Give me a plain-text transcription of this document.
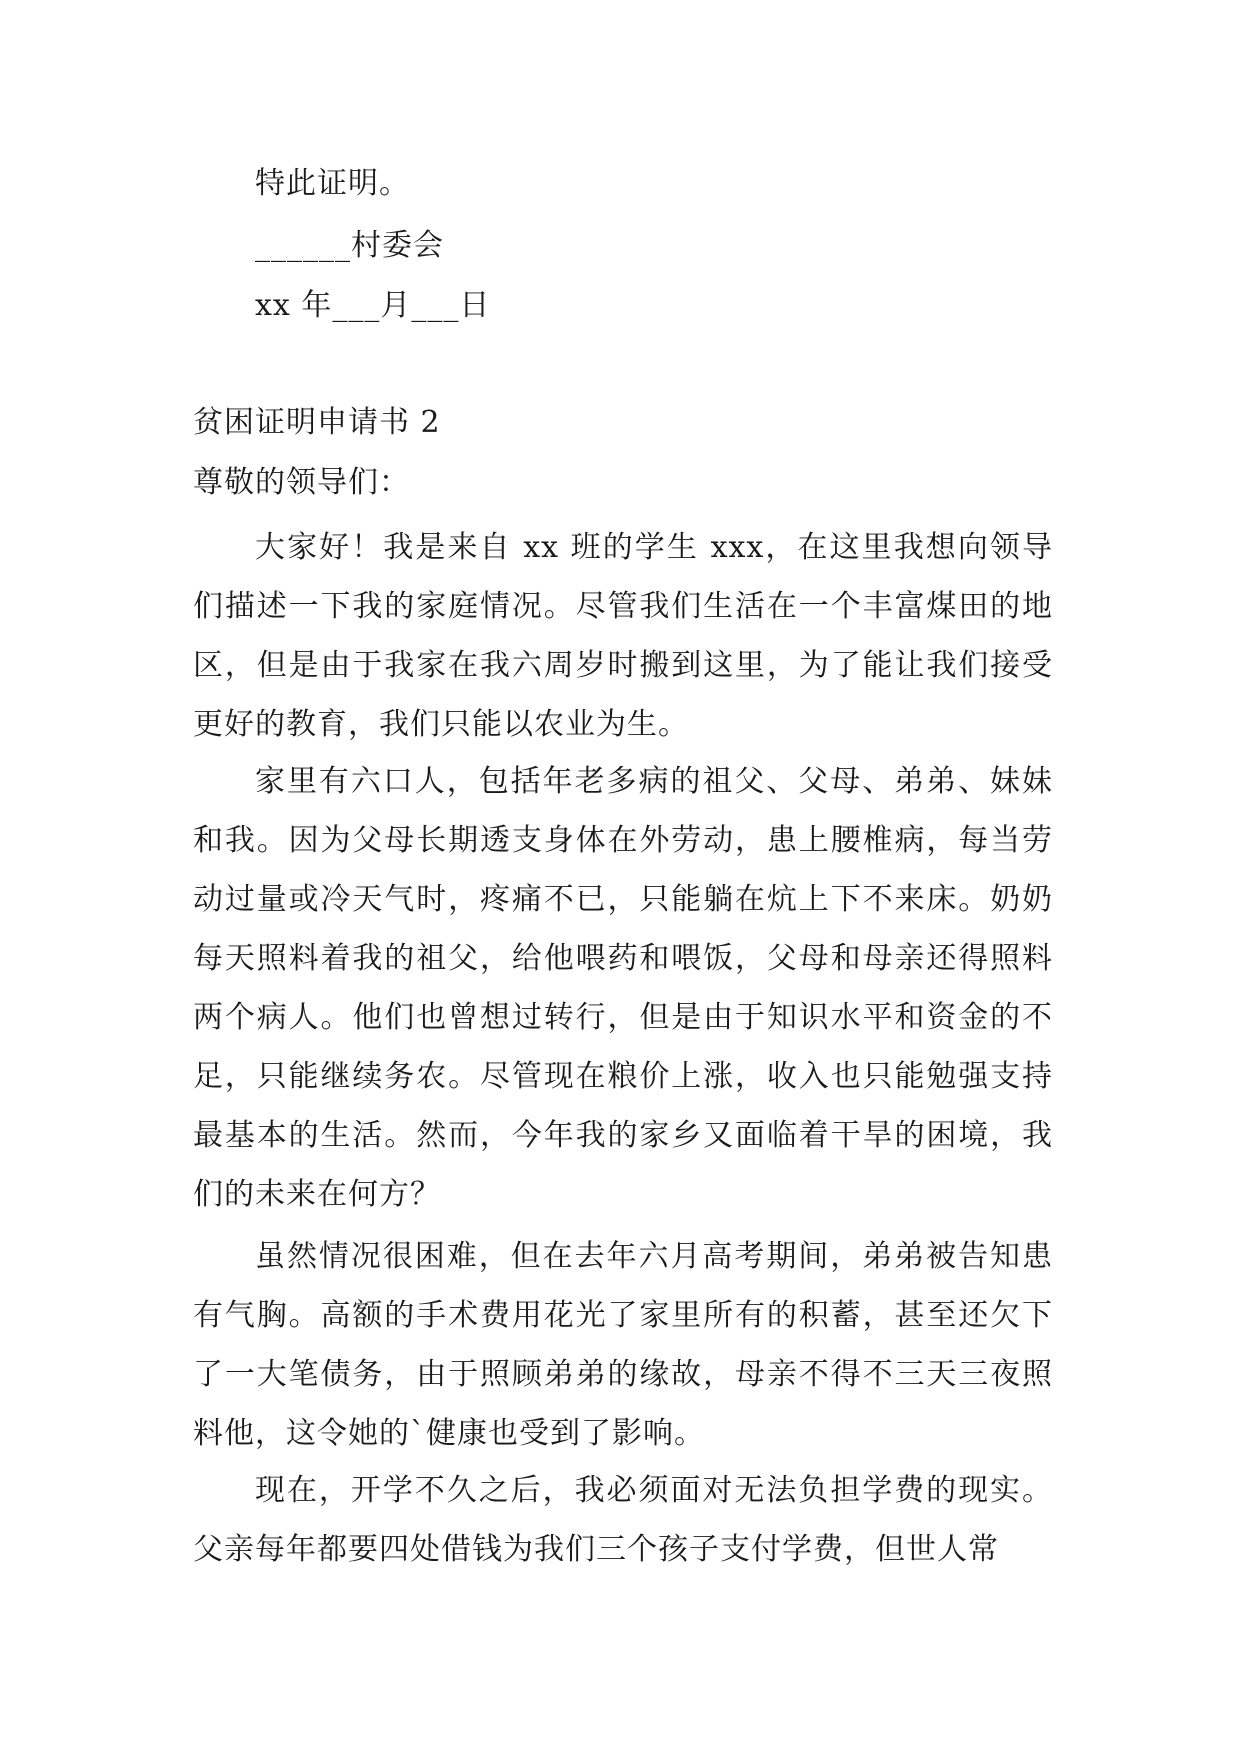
特此证明。
______村委会
xx 年___月___日
贫困证明申请书 2
尊敬的领导们：

大家好！我是来自 xx 班的学生 xxx，在这里我想向领导们描述一下我的家庭情况。尽管我们生活在一个丰富煤田的地区，但是由于我家在我六周岁时搬到这里，为了能让我们接受更好的教育，我们只能以农业为生。

家里有六口人，包括年老多病的祖父、父母、弟弟、妹妹和我。因为父母长期透支身体在外劳动，患上腰椎病，每当劳动过量或冷天气时，疼痛不已，只能躺在炕上下不来床。奶奶每天照料着我的祖父，给他喂药和喂饭，父母和母亲还得照料两个病人。他们也曾想过转行，但是由于知识水平和资金的不足，只能继续务农。尽管现在粮价上涨，收入也只能勉强支持最基本的生活。然而，今年我的家乡又面临着干旱的困境，我们的未来在何方？

虽然情况很困难，但在去年六月高考期间，弟弟被告知患有气胸。高额的手术费用花光了家里所有的积蓄，甚至还欠下了一大笔债务，由于照顾弟弟的缘故，母亲不得不三天三夜照料他，这令她的`健康也受到了影响。

现在，开学不久之后，我必须面对无法负担学费的现实。父亲每年都要四处借钱为我们三个孩子支付学费，但世人常
